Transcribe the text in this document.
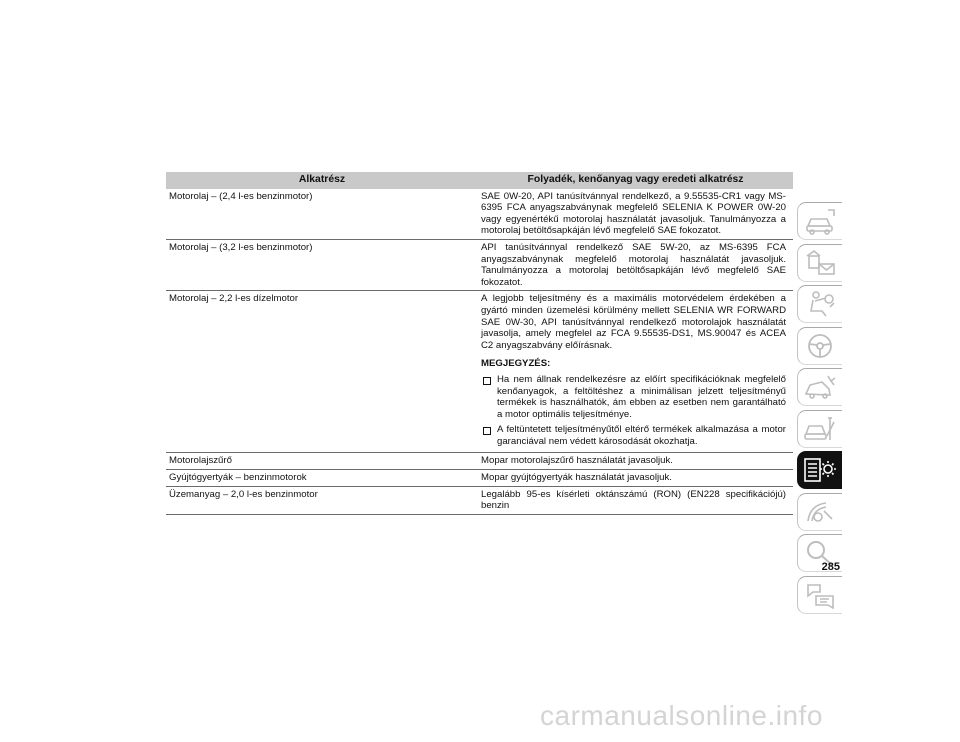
Alkatrész	Folyadék, kenőanyag vagy eredeti alkatrész
Motorolaj – (2,4 l-es benzinmotor)	SAE 0W-20, API tanúsítvánnyal rendelkező, a 9.55535-CR1 vagy MS-6395 FCA anyagszabványnak megfelelő SELENIA K POWER 0W-20 vagy egyenértékű motorolaj használatát javasoljuk. Tanulmányozza a motorolaj betöltősapkáján lévő megfelelő SAE fokozatot.
Motorolaj – (3,2 l-es benzinmotor)	API tanúsítvánnyal rendelkező SAE 5W-20, az MS-6395 FCA anyagszabványnak megfelelő motorolaj használatát javasoljuk. Tanulmányozza a motorolaj betöltősapkáján lévő megfelelő SAE fokozatot.
Motorolaj – 2,2 l-es dízelmotor	A legjobb teljesítmény és a maximális motorvédelem érdekében a gyártó minden üzemelési körülmény mellett SELENIA WR FORWARD SAE 0W-30, API tanúsítvánnyal rendelkező motorolajok használatát javasolja, amely megfelel az FCA 9.55535-DS1, MS.90047 és ACEA C2 anyagszabvány előírásnak.
MEGJEGYZÉS:
Ha nem állnak rendelkezésre az előírt specifikációknak megfelelő kenőanyagok, a feltöltéshez a minimálisan jelzett teljesítményű termékek is használhatók, ám ebben az esetben nem garantálható a motor optimális teljesítménye.
A feltüntetett teljesítményűtől eltérő termékek alkalmazása a motor garanciával nem védett károsodását okozhatja.

Motorolajszűrő	Mopar motorolajszűrő használatát javasoljuk.
Gyújtógyertyák – benzinmotorok	Mopar gyújtógyertyák használatát javasoljuk.
Üzemanyag – 2,0 l-es benzinmotor	Legalább 95-es kísérleti oktánszámú (RON) (EN228 specifikációjú) benzin
285
carmanualsonline.info
